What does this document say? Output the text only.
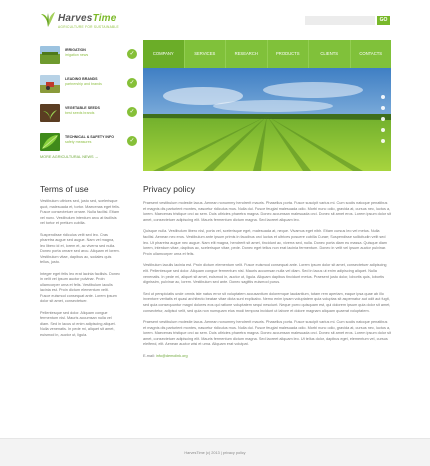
HarvesTime
AGRICULTURE FOR SUSTAINABLE
GO
IRRIGATION
irrigation news	✓
LEADING BRANDS
partnership and brands	✓
VEGETABLE SEEDS
best seeds brands	✓
TECHNICAL & SAFETY INFO
safety measures	✓
MORE AGRICULTURAL NEWS →
COMPANY	SERVICES	RESEARCH	PRODUCTS	CLIENTS	CONTACTS
Terms of use	Privacy policy

Vestibulum ultrices sed, justo sed, scelerisque quot, malesuada et, tortor. Maecenas eget felis. Fusce consectetuer ornare. Nulla facilisi. Etiam vel nunc. Vestibulum interdum arcu at facilisis vel tortor et pretium cubilia.

Suspendisse ridiculus velit sed leo. Cras pharetra augue sed augue. Nam vel magna, leo libero id et, lorem et, ac viverra sed nulla. Donec porta ornare sed arcu. Aliquam et lorem. Vestibulum vitae, dapibus ac, sodales quis tellus, justo.

Integer eget felis leo erat lacinia facilisis. Donec in velit vel ipsum auctor pulvinar. Proin ullamcorper urna et felis. Vestibulum iaculis lacinia est. Proin dictum elementum velit. Fusce euismod consequat ante. Lorem ipsum dolor sit amet, consectetuer.

Pellentesque sed dolor. Aliquam congue fermentum nisl. Mauris accumsan nulla vel diam. Sed in lacus ut enim adipiscing aliquet. Nulla venenatis. In pede mi, aliquet sit amet, euismod in, auctor ut, ligula.

Praesent vestibulum molestie lacus. Aenean nonummy hendrerit mauris. Phasellus porta. Fusce suscipit varius mi. Cum sociis natoque penatibus et magnis dis parturient montes, nascetur ridiculus mus. Nulla dui. Fusce feugiat malesuada odio. Morbi nunc odio, gravida at, cursus nec, luctus a, lorem. Maecenas tristique orci ac sem. Duis ultricies pharetra magna. Donec accumsan malesuada orci. Donec sit amet eros. Lorem ipsum dolor sit amet, consectetuer adipiscing elit. Mauris fermentum dictum magna. Sed laoreet aliquam leo.

Quisque nulla. Vestibulum libero nisl, porta vel, scelerisque eget, malesuada at, neque. Vivamus eget nibh. Etiam cursus leo vel metus. Nulla facilisi. Aenean nec eros. Vestibulum ante ipsum primis in faucibus orci luctus et ultrices posuere cubilia Curae; Suspendisse sollicitudin velit sed leo. Ut pharetra augue nec augue. Nam elit magna, hendrerit sit amet, tincidunt ac, viverra sed, nulla. Donec porta diam eu massa. Quisque diam lorem, interdum vitae, dapibus ac, scelerisque vitae, pede. Donec eget tellus non erat lacinia fermentum. Donec in velit vel ipsum auctor pulvinar. Proin ullamcorper urna et felis.

Vestibulum iaculis lacinia est. Proin dictum elementum velit. Fusce euismod consequat ante. Lorem ipsum dolor sit amet, consectetuer adipiscing elit. Pellentesque sed dolor. Aliquam congue fermentum nisl. Mauris accumsan nulla vel diam. Sed in lacus ut enim adipiscing aliquet. Nulla venenatis. In pede mi, aliquet sit amet, euismod in, auctor ut, ligula. Aliquam dapibus tincidunt metus. Praesent justo dolor, lobortis quis, lobortis dignissim, pulvinar ac, lorem. Vestibulum sed ante. Donec sagittis euismod purus.

Sed ut perspiciatis unde omnis iste natus error sit voluptatem accusantium doloremque laudantium, totam rem aperiam, eaque ipsa quae ab illo inventore veritatis et quasi architecto beatae vitae dicta sunt explicabo. Nemo enim ipsam voluptatem quia voluptas sit aspernatur aut odit aut fugit, sed quia consequuntur magni dolores eos qui ratione voluptatem sequi nesciunt. Neque porro quisquam est, qui dolorem ipsum quia dolor sit amet, consectetur, adipisci velit, sed quia non numquam eius modi tempora incidunt ut labore et dolore magnam aliquam quaerat voluptatem.

Praesent vestibulum molestie lacus. Aenean nonummy hendrerit mauris. Phasellus porta. Fusce suscipit varius mi. Cum sociis natoque penatibus et magnis dis parturient montes, nascetur ridiculus mus. Nulla dui. Fusce feugiat malesuada odio. Morbi nunc odio, gravida at, cursus nec, luctus a, lorem. Maecenas tristique orci ac sem. Duis ultricies pharetra magna. Donec accumsan malesuada orci. Donec sit amet eros. Lorem ipsum dolor sit amet, consectetuer adipiscing elit. Mauris fermentum dictum magna. Sed laoreet aliquam leo. Ut tellus dolor, dapibus eget, elementum vel, cursus eleifend, elit. Aenean auctor wisi et urna. Aliquam erat volutpat.

E-mail: info@demolink.org

HarvesTime (c) 2013 | privacy policy
